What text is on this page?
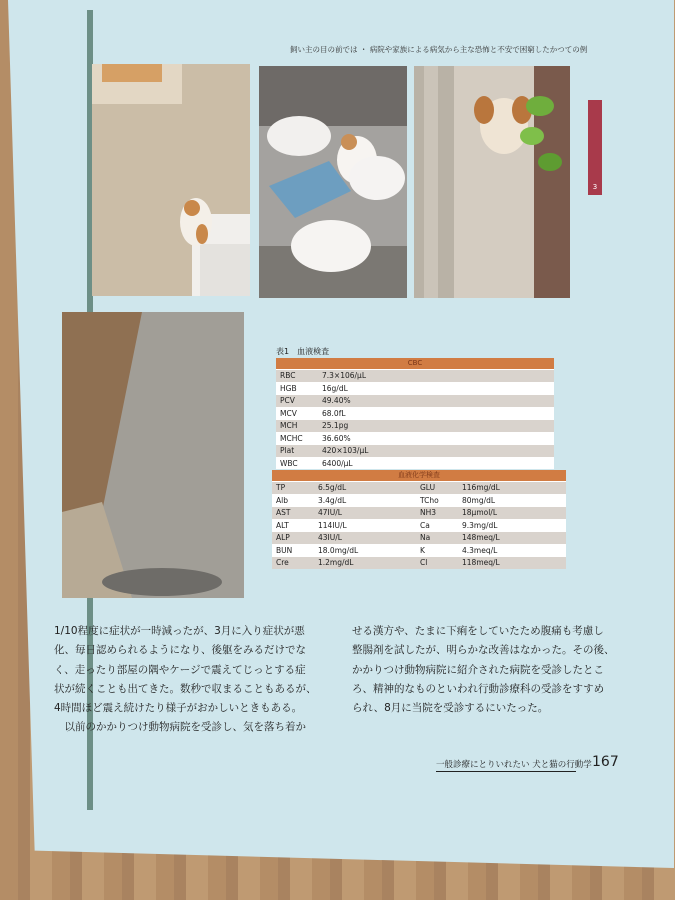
飼い主の目の前では ・ 病院や家族による病気から主な恐怖と不安で困窮したかつての例
3
表1　血液検査
CBC
RBC	7.3×106/μL
HGB	16g/dL
PCV	49.40%
MCV	68.0fL
MCH	25.1pg
MCHC	36.60%
Plat	420×103/μL
WBC	6400/μL
血液化学検査
TP	6.5g/dL	GLU	116mg/dL
Alb	3.4g/dL	TCho	80mg/dL
AST	47IU/L	NH3	18μmol/L
ALT	114IU/L	Ca	9.3mg/dL
ALP	43IU/L	Na	148meq/L
BUN	18.0mg/dL	K	4.3meq/L
Cre	1.2mg/dL	Cl	118meq/L

1/10程度に症状が一時減ったが、3月に入り症状が悪

化、毎日認められるようになり、後躯をみるだけでな

く、走ったり部屋の隅やケージで震えてじっとする症

状が続くことも出てきた。数秒で収まることもあるが、

4時間ほど震え続けたり様子がおかしいときもある。

　以前のかかりつけ動物病院を受診し、気を落ち着か

せる漢方や、たまに下痢をしていたため腹痛も考慮し

整腸剤を試したが、明らかな改善はなかった。その後、

かかりつけ動物病院に紹介された病院を受診したとこ

ろ、精神的なものといわれ行動診療科の受診をすすめ

られ、8月に当院を受診するにいたった。

一般診療にとりいれたい 犬と猫の行動学 167
